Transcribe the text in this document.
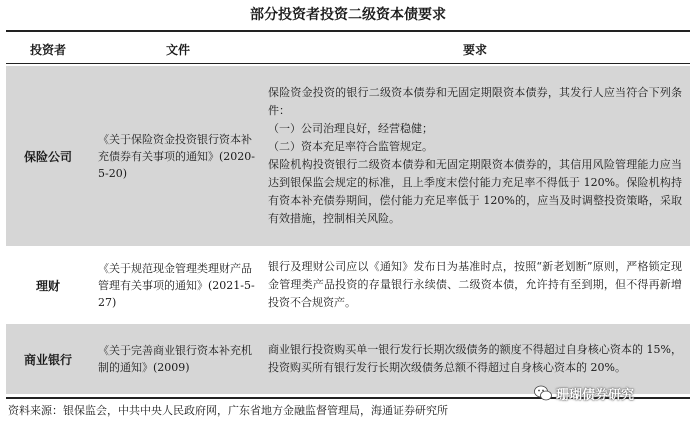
部分投资者投资二级资本债要求
投资者	文件	要求
保险公司
《关于保险资金投资银行资本补充债券有关事项的通知》(2020-5-20)
保险资金投资的银行二级资本债券和无固定期限资本债券，其发行人应当符合下列条件：
（一）公司治理良好，经营稳健；
（二）资本充足率符合监管规定。
保险机构投资银行二级资本债券和无固定期限资本债券的，其信用风险管理能力应当达到银保监会规定的标准，且上季度末偿付能力充足率不得低于 120%。保险机构持有资本补充债券期间，偿付能力充足率低于 120%的，应当及时调整投资策略，采取有效措施，控制相关风险。
理财
《关于规范现金管理类理财产品管理有关事项的通知》(2021-5-27)
银行及理财公司应以《通知》发布日为基准时点，按照“新老划断”原则，严格锁定现金管理类产品投资的存量银行永续债、二级资本债，允许持有至到期，但不得再新增投资不合规资产。
商业银行
《关于完善商业银行资本补充机制的通知》(2009)
商业银行投资购买单一银行发行长期次级债务的额度不得超过自身核心资本的 15%，投资购买所有银行发行长期次级债务总额不得超过自身核心资本的 20%。
珊瑚债券研究
资料来源：银保监会，中共中央人民政府网，广东省地方金融监督管理局，海通证券研究所
